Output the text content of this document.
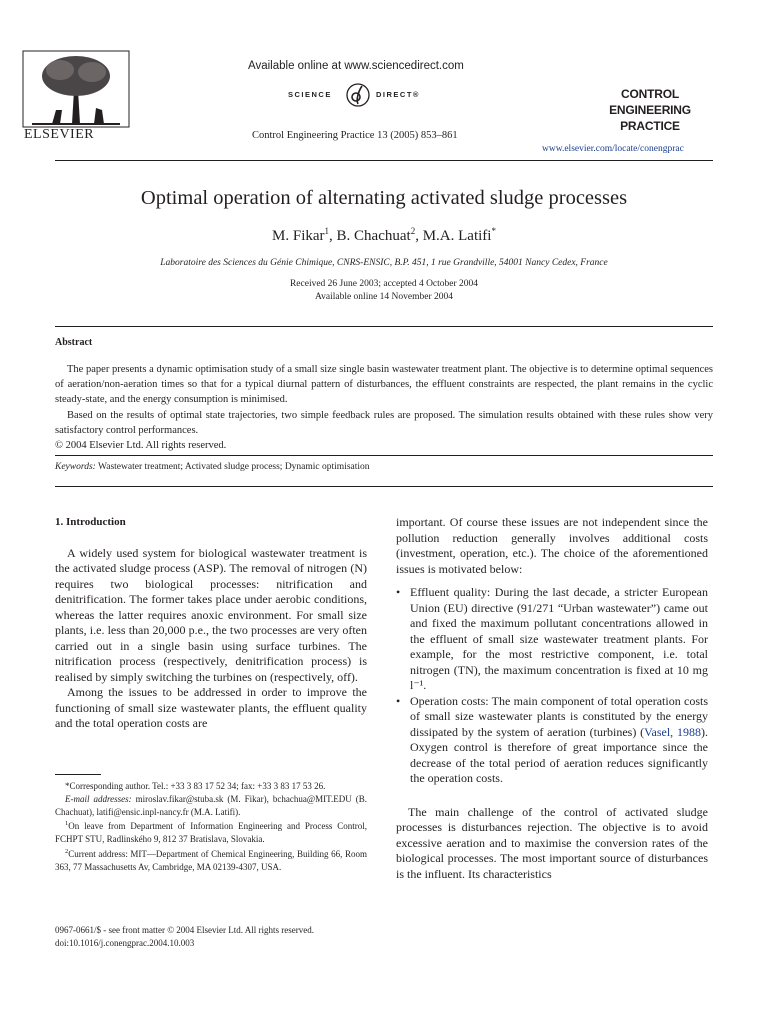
ELSEVIER
Available online at www.sciencedirect.com
SCIENCE	DIRECT®
Control Engineering Practice 13 (2005) 853–861
CONTROL ENGINEERING
PRACTICE
www.elsevier.com/locate/conengprac
Optimal operation of alternating activated sludge processes
M. Fikar$^1$, B. Chachuat$^2$, M.A. Latifi*
Laboratoire des Sciences du Génie Chimique, CNRS-ENSIC, B.P. 451, 1 rue Grandville, 54001 Nancy Cedex, France
Received 26 June 2003; accepted 4 October 2004
Available online 14 November 2004
Abstract

The paper presents a dynamic optimisation study of a small size single basin wastewater treatment plant. The objective is to determine optimal sequences of aeration/non-aeration times so that for a typical diurnal pattern of disturbances, the effluent constraints are respected, the plant remains in the cyclic steady-state, and the energy consumption is minimised.

Based on the results of optimal state trajectories, two simple feedback rules are proposed. The simulation results obtained with these rules show very satisfactory control performances.

© 2004 Elsevier Ltd. All rights reserved.

Keywords: Wastewater treatment; Activated sludge process; Dynamic optimisation
1. Introduction

A widely used system for biological wastewater treatment is the activated sludge process (ASP). The removal of nitrogen (N) requires two biological processes: nitrification and denitrification. The former takes place under aerobic conditions, whereas the latter requires anoxic environment. For small size plants, i.e. less than 20,000 p.e., the two processes are very often carried out in a single basin using surface turbines. The nitrification process (respectively, denitrification process) is realised by simply switching the turbines on (respectively, off).

Among the issues to be addressed in order to improve the functioning of small size wastewater plants, the effluent quality and the total operation costs are

*Corresponding author. Tel.: +33 3 83 17 52 34; fax: +33 3 83 17 53 26.

E-mail addresses: miroslav.fikar@stuba.sk (M. Fikar), bchachua@MIT.EDU (B. Chachuat), latifi@ensic.inpl-nancy.fr (M.A. Latifi).

$^1$On leave from Department of Information Engineering and Process Control, FCHPT STU, Radlinského 9, 812 37 Bratislava, Slovakia.

$^2$Current address: MIT—Department of Chemical Engineering, Building 66, Room 363, 77 Massachusetts Av, Cambridge, MA 02139-4307, USA.

0967-0661/$ - see front matter © 2004 Elsevier Ltd. All rights reserved.
doi:10.1016/j.conengprac.2004.10.003

important. Of course these issues are not independent since the pollution reduction generally involves additional costs (investment, operation, etc.). The choice of the aforementioned issues is motivated below:

• Effluent quality: During the last decade, a stricter European Union (EU) directive (91/271 “Urban wastewater”) came out and fixed the maximum pollutant concentrations allowed in the effluent of small size wastewater treatment plants. For example, for the most restrictive component, i.e. total nitrogen (TN), the maximum concentration is fixed at 10 mg l⁻¹.
• Operation costs: The main component of total operation costs of small size wastewater plants is constituted by the energy dissipated by the system of aeration (turbines) (Vasel, 1988). Oxygen control is therefore of great importance since the decrease of the total period of aeration reduces significantly the operation costs.

The main challenge of the control of activated sludge processes is disturbances rejection. The objective is to avoid excessive aeration and to maximise the conversion rates of the biological processes. The most important source of disturbances is the influent. Its characteristics
